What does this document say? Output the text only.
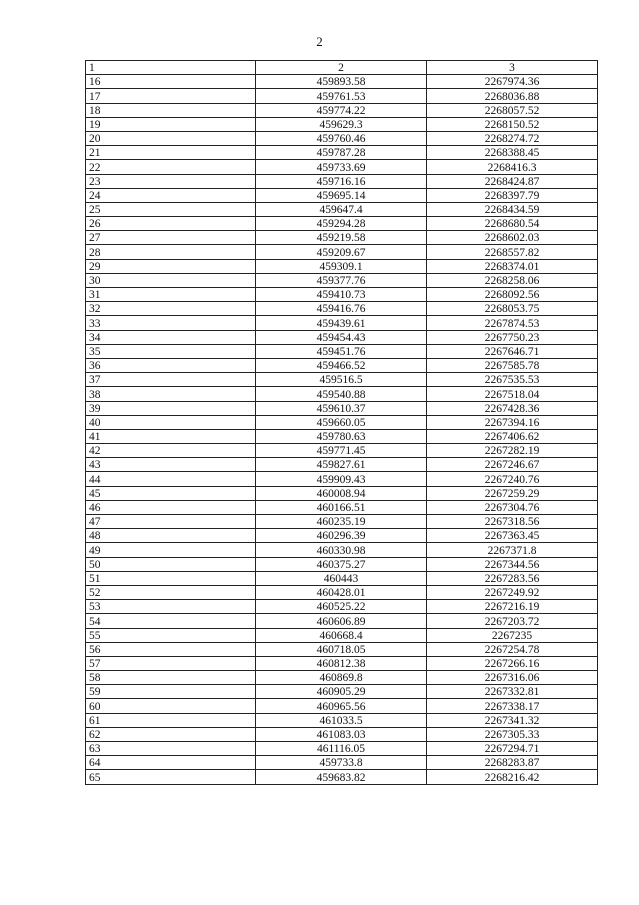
2
1	2	3
16	459893.58	2267974.36
17	459761.53	2268036.88
18	459774.22	2268057.52
19	459629.3	2268150.52
20	459760.46	2268274.72
21	459787.28	2268388.45
22	459733.69	2268416.3
23	459716.16	2268424.87
24	459695.14	2268397.79
25	459647.4	2268434.59
26	459294.28	2268680.54
27	459219.58	2268602.03
28	459209.67	2268557.82
29	459309.1	2268374.01
30	459377.76	2268258.06
31	459410.73	2268092.56
32	459416.76	2268053.75
33	459439.61	2267874.53
34	459454.43	2267750.23
35	459451.76	2267646.71
36	459466.52	2267585.78
37	459516.5	2267535.53
38	459540.88	2267518.04
39	459610.37	2267428.36
40	459660.05	2267394.16
41	459780.63	2267406.62
42	459771.45	2267282.19
43	459827.61	2267246.67
44	459909.43	2267240.76
45	460008.94	2267259.29
46	460166.51	2267304.76
47	460235.19	2267318.56
48	460296.39	2267363.45
49	460330.98	2267371.8
50	460375.27	2267344.56
51	460443	2267283.56
52	460428.01	2267249.92
53	460525.22	2267216.19
54	460606.89	2267203.72
55	460668.4	2267235
56	460718.05	2267254.78
57	460812.38	2267266.16
58	460869.8	2267316.06
59	460905.29	2267332.81
60	460965.56	2267338.17
61	461033.5	2267341.32
62	461083.03	2267305.33
63	461116.05	2267294.71
64	459733.8	2268283.87
65	459683.82	2268216.42
